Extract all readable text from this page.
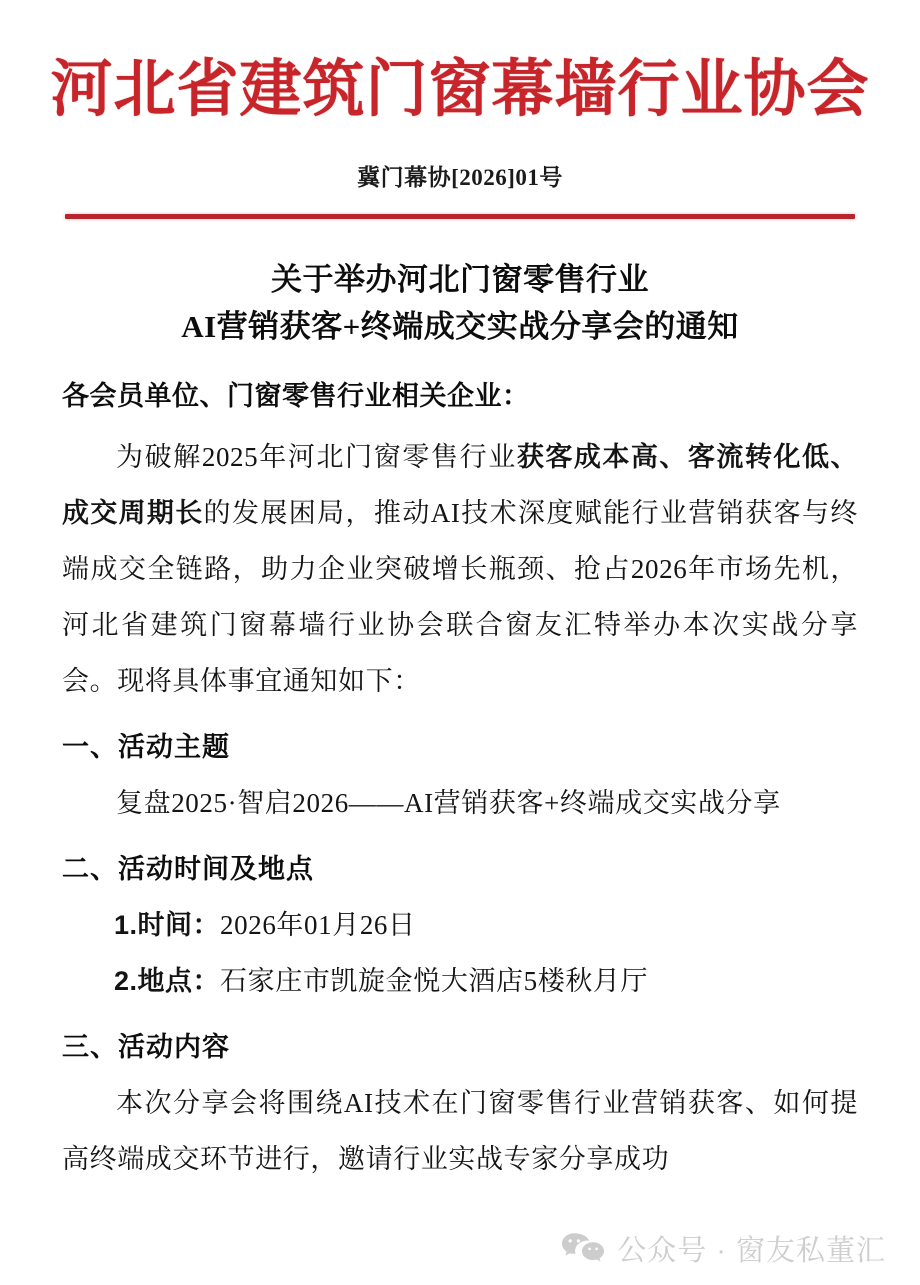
河北省建筑门窗幕墙行业协会
冀门幕协[2026]01号
关于举办河北门窗零售行业
AI营销获客+终端成交实战分享会的通知
各会员单位、门窗零售行业相关企业：

为破解2025年河北门窗零售行业获客成本高、客流转化低、成交周期长的发展困局，推动AI技术深度赋能行业营销获客与终端成交全链路，助力企业突破增长瓶颈、抢占2026年市场先机，河北省建筑门窗幕墙行业协会联合窗友汇特举办本次实战分享会。现将具体事宜通知如下：

一、活动主题

复盘2025·智启2026——AI营销获客+终端成交实战分享

二、活动时间及地点
1.时间：2026年01月26日
2.地点：石家庄市凯旋金悦大酒店5楼秋月厅
三、活动内容

本次分享会将围绕AI技术在门窗零售行业营销获客、如何提高终端成交环节进行，邀请行业实战专家分享成功

公众号 · 窗友私董汇
